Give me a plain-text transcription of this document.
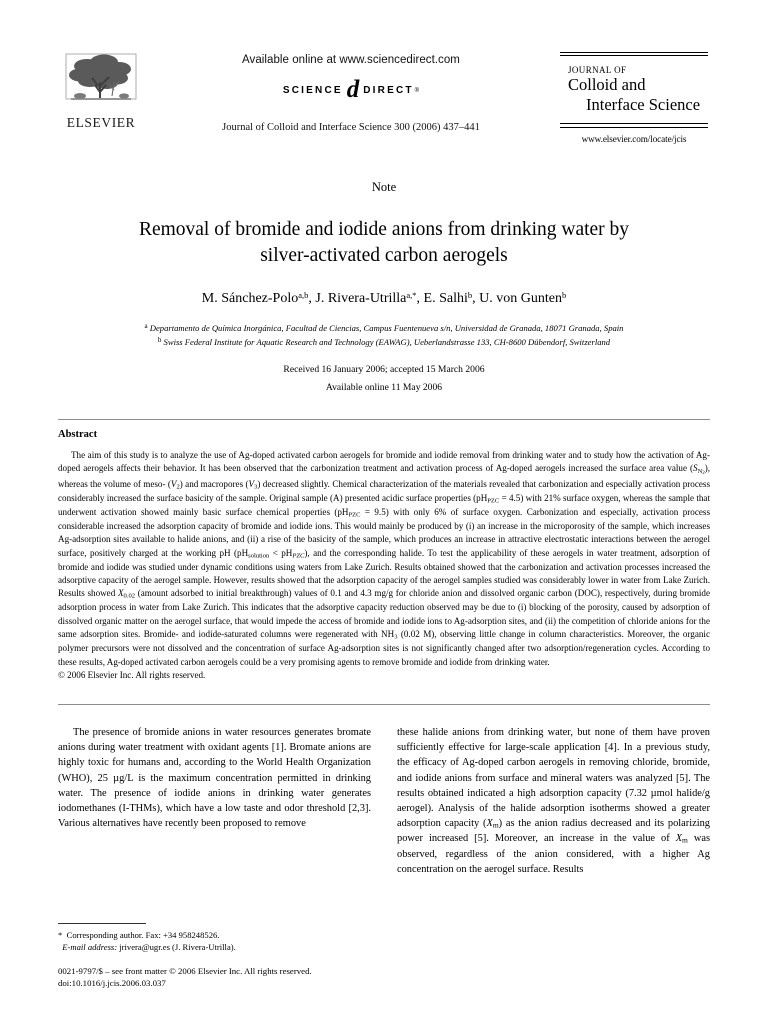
ELSEVIER
Available online at www.sciencedirect.com
SCIENCE d DIRECT ®
Journal of Colloid and Interface Science 300 (2006) 437–441
JOURNAL OF
Colloid and
Interface Science
www.elsevier.com/locate/jcis
Note
Removal of bromide and iodide anions from drinking water by
silver-activated carbon aerogels
M. Sánchez-Polo$^{a,b}$, J. Rivera-Utrilla$^{a,*}$, E. Salhi$^b$, U. von Gunten$^b$
$^a$ Departamento de Química Inorgánica, Facultad de Ciencias, Campus Fuentenueva s/n, Universidad de Granada, 18071 Granada, Spain
$^b$ Swiss Federal Institute for Aquatic Research and Technology (EAWAG), Ueberlandstrasse 133, CH-8600 Dübendorf, Switzerland
Received 16 January 2006; accepted 15 March 2006
Available online 11 May 2006
Abstract

The aim of this study is to analyze the use of Ag-doped activated carbon aerogels for bromide and iodide removal from drinking water and to study how the activation of Ag-doped aerogels affects their behavior. It has been observed that the carbonization treatment and activation process of Ag-doped aerogels increased the surface area value $(S_{N_2})$, whereas the volume of meso- $(V_2)$ and macropores $(V_3)$ decreased slightly. Chemical characterization of the materials revealed that carbonization and especially activation process considerably increased the surface basicity of the sample. Original sample (A) presented acidic surface properties $(pH_{PZC} = 4.5)$ with 21% surface oxygen, whereas the sample that underwent activation showed mainly basic surface chemical properties $(pH_{PZC} = 9.5)$ with only 6% of surface oxygen. Carbonization and especially, activation process considerable increased the adsorption capacity of bromide and iodide ions. This would mainly be produced by (i) an increase in the microporosity of the sample, which increases Ag-adsorption sites available to halide anions, and (ii) a rise of the basicity of the sample, which produces an increase in attractive electrostatic interactions between the aerogel surface, positively charged at the working pH $(pH_{solution} < pH_{PZC})$, and the corresponding halide. To test the applicability of these aerogels in water treatment, adsorption of bromide and iodide was studied under dynamic conditions using waters from Lake Zurich. Results obtained showed that the carbonization and activation processes increased the adsorptive capacity of the aerogel sample. However, results showed that the adsorption capacity of the aerogel samples studied was considerably lower in water from Lake Zurich. Results showed $X_{0.02}$ (amount adsorbed to initial breakthrough) values of 0.1 and 4.3 mg/g for chloride anion and dissolved organic carbon (DOC), respectively, during bromide adsorption process in water from Lake Zurich. This indicates that the adsorptive capacity reduction observed may be due to (i) blocking of the porosity, caused by adsorption of dissolved organic matter on the aerogel surface, that would impede the access of bromide and iodide ions to Ag-adsorption sites, and (ii) the competition of chloride anions for the same adsorption sites. Bromide- and iodide-saturated columns were regenerated with $NH_3$ (0.02 M), observing little change in column characteristics. Moreover, the organic polymer precursors were not dissolved and the concentration of surface Ag-adsorption sites is not significantly changed after two adsorption/regeneration cycles. According to these results, Ag-doped activated carbon aerogels could be a very promising agents to remove bromide and iodide from drinking water.

© 2006 Elsevier Inc. All rights reserved.

The presence of bromide anions in water resources generates bromate anions during water treatment with oxidant agents [1]. Bromate anions are highly toxic for humans and, according to the World Health Organization (WHO), 25 µg/L is the maximum concentration permitted in drinking water. The presence of iodide anions in drinking water generates iodomethanes (I-THMs), which have a low taste and odor threshold [2,3]. Various alternatives have recently been proposed to remove

these halide anions from drinking water, but none of them have proven sufficiently effective for large-scale application [4]. In a previous study, the efficacy of Ag-doped carbon aerogels in removing chloride, bromide, and iodide anions from surface and mineral waters was analyzed [5]. The results obtained indicated a high adsorption capacity (7.32 µmol halide/g aerogel). Analysis of the halide adsorption isotherms showed a greater adsorption capacity $(X_m)$ as the anion radius decreased and its polarizing power increased [5]. Moreover, an increase in the value of $X_m$ was observed, regardless of the anion considered, with a higher Ag concentration on the aerogel surface. Results

* Corresponding author. Fax: +34 958248526.
E-mail address: jrivera@ugr.es (J. Rivera-Utrilla).
0021-9797/$ – see front matter © 2006 Elsevier Inc. All rights reserved.
doi:10.1016/j.jcis.2006.03.037
